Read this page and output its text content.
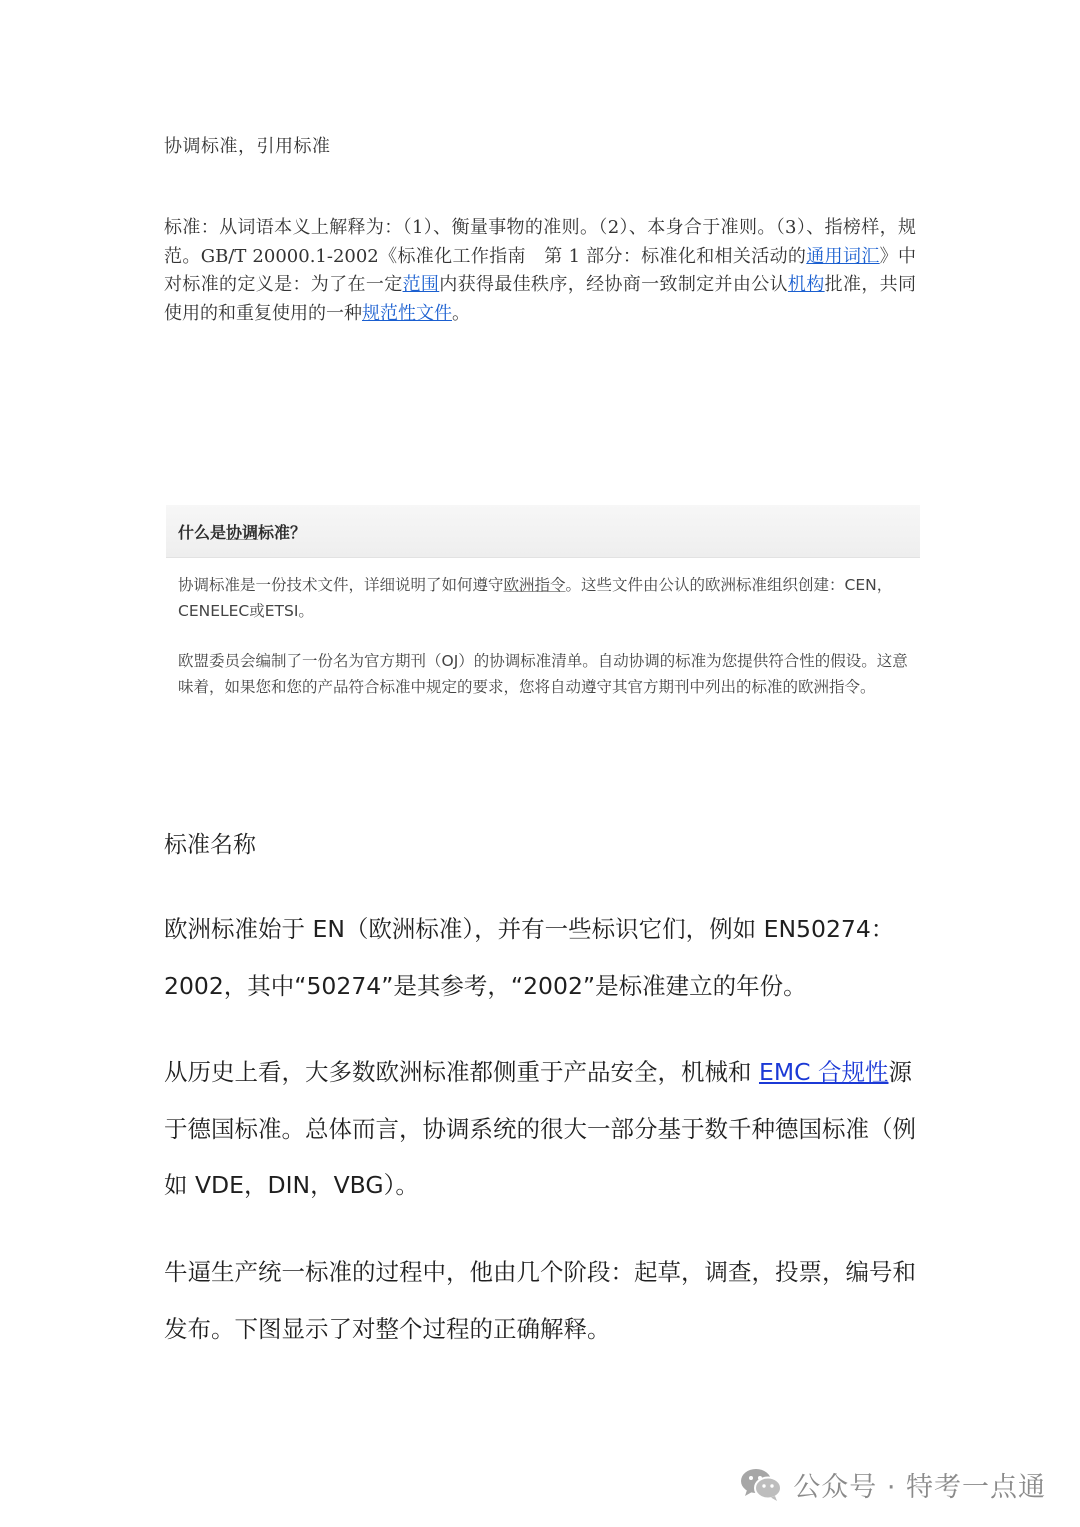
协调标准，引用标准
标准：从词语本义上解释为：（1）、衡量事物的准则。（2）、本身合于准则。（3）、指榜样，规范。GB/T 20000.1-2002《标准化工作指南　第 1 部分：标准化和相关活动的通用词汇》中对标准的定义是：为了在一定范围内获得最佳秩序，经协商一致制定并由公认机构批准，共同使用的和重复使用的一种规范性文件。
什么是 协调 标准？

协调标准是一份技术文件，详细说明了如何遵守欧洲指令。这些文件由公认的欧洲标准组织创建：CEN，CENELEC或ETSI。

欧盟委员会编制了一份名为官方期刊（OJ）的协调标准清单。自动协调的标准为您提供符合性的假设。这意味着，如果您和您的产品符合标准中规定的要求，您将自动遵守其官方期刊中列出的标准的欧洲指令。

标准名称
欧洲标准始于 EN（欧洲标准），并有一些标识它们，例如 EN50274：2002，其中“50274”是其参考，“2002”是标准建立的年份。
从历史上看，大多数欧洲标准都侧重于产品安全，机械和 EMC 合规性源于德国标准。总体而言，协调系统的很大一部分基于数千种德国标准（例如 VDE，DIN，VBG）。
牛逼生产统一标准的过程中，他由几个阶段：起草，调查，投票，编号和发布。下图显示了对整个过程的正确解释。
公众号 · 特考一点通
